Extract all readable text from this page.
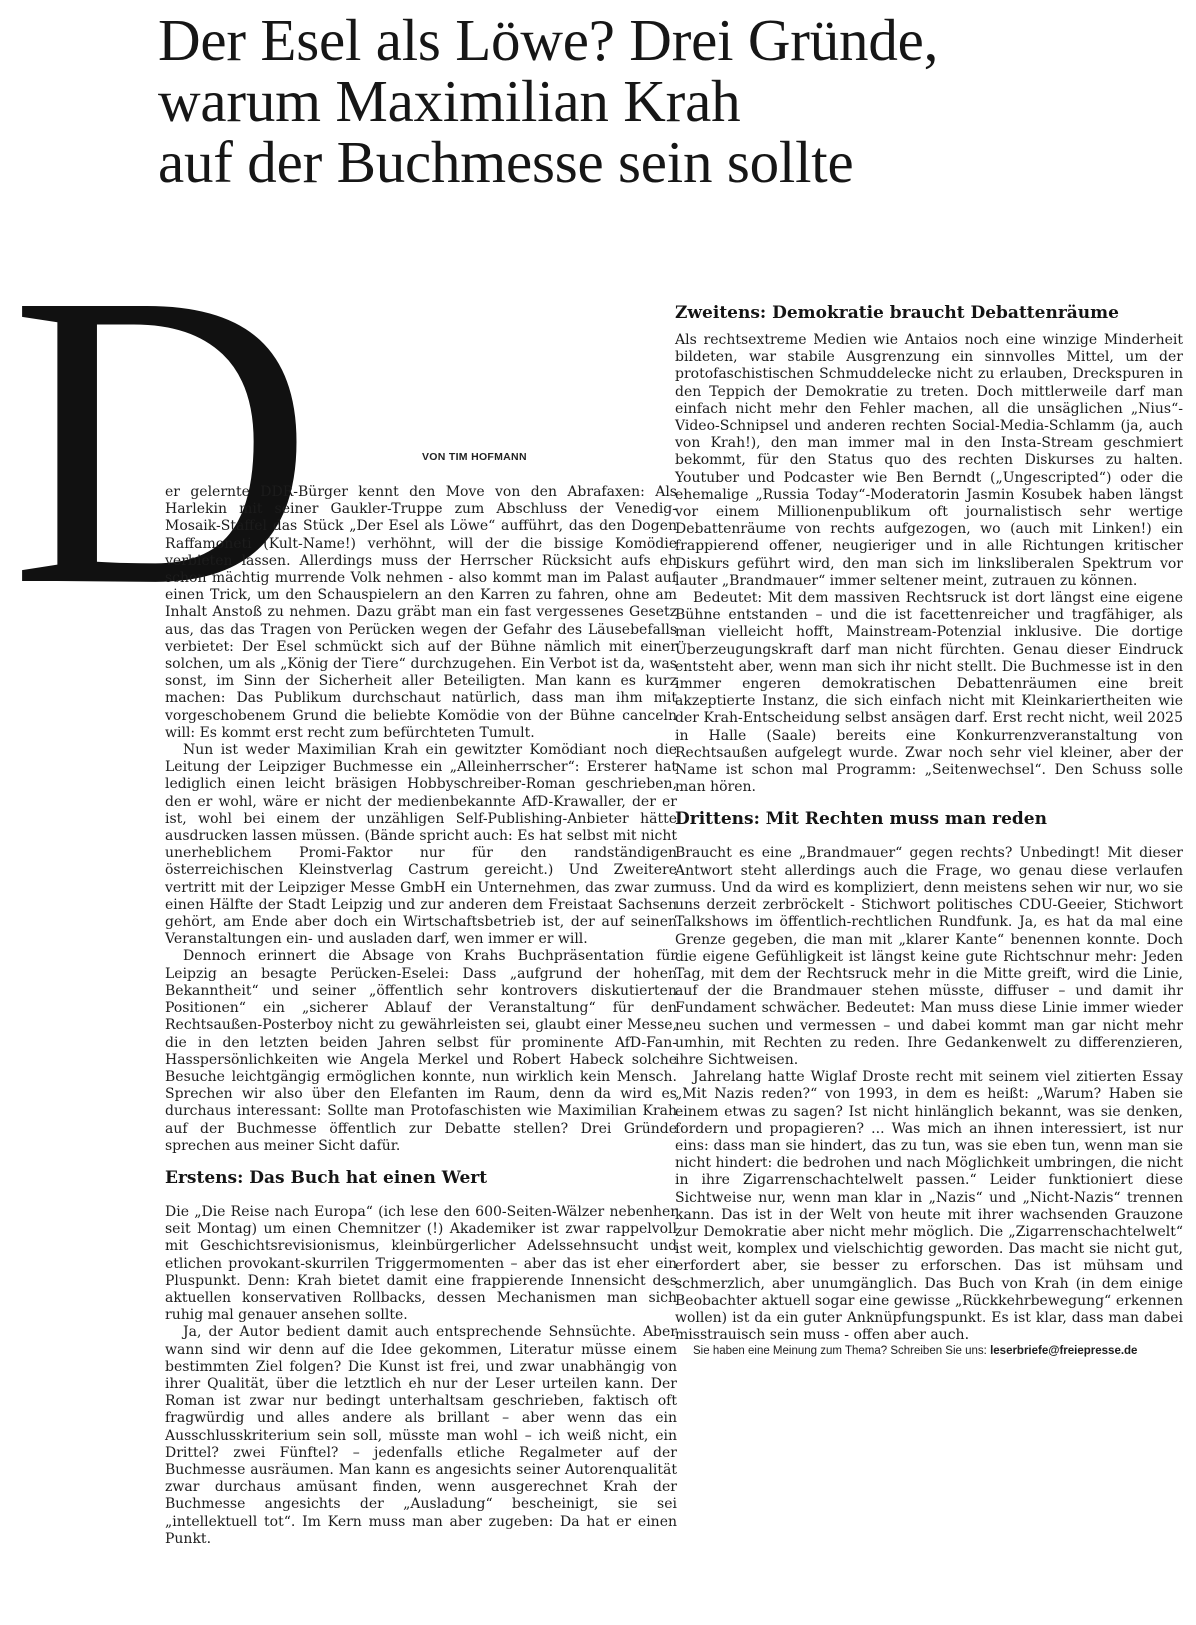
Der Esel als Löwe? Drei Gründe,
warum Maximilian Krah
auf der Buchmesse sein sollte
D	VON TIM HOFMANN

er gelernte DDR-Bürger kennt den Move von den Abrafaxen: Als Harlekin mit seiner Gaukler-Truppe zum Abschluss der Venedig-Mosaik-Staffel das Stück „Der Esel als Löwe“ aufführt, das den Dogen Raffamoneti (Kult-Name!) verhöhnt, will der die bissige Komödie verbieten lassen. Allerdings muss der Herrscher Rücksicht aufs eh schon mächtig murrende Volk nehmen - also kommt man im Palast auf einen Trick, um den Schauspielern an den Karren zu fahren, ohne am Inhalt Anstoß zu nehmen. Dazu gräbt man ein fast vergessenes Gesetz aus, das das Tragen von Perücken wegen der Gefahr des Läusebefalls verbietet: Der Esel schmückt sich auf der Bühne nämlich mit einer solchen, um als „König der Tiere“ durchzugehen. Ein Verbot ist da, was sonst, im Sinn der Sicherheit aller Beteiligten. Man kann es kurz machen: Das Publikum durchschaut natürlich, dass man ihm mit vorgeschobenem Grund die beliebte Komödie von der Bühne canceln will: Es kommt erst recht zum befürchteten Tumult.

Nun ist weder Maximilian Krah ein gewitzter Komödiant noch die Leitung der Leipziger Buchmesse ein „Alleinherrscher“: Ersterer hat lediglich einen leicht bräsigen Hobbyschreiber-Roman geschrieben, den er wohl, wäre er nicht der medienbekannte AfD-Krawaller, der er ist, wohl bei einem der unzähligen Self-Publishing-Anbieter hätte ausdrucken lassen müssen. (Bände spricht auch: Es hat selbst mit nicht unerheblichem Promi-Faktor nur für den randständigen österreichischen Kleinstverlag Castrum gereicht.) Und Zweitere vertritt mit der Leipziger Messe GmbH ein Unternehmen, das zwar zur einen Hälfte der Stadt Leipzig und zur anderen dem Freistaat Sachsen gehört, am Ende aber doch ein Wirtschaftsbetrieb ist, der auf seinen Veranstaltungen ein- und ausladen darf, wen immer er will.

Dennoch erinnert die Absage von Krahs Buchpräsentation für Leipzig an besagte Perücken-Eselei: Dass „aufgrund der hohen Bekanntheit“ und seiner „öffentlich sehr kontrovers diskutierten Positionen“ ein „sicherer Ablauf der Veranstaltung“ für den Rechtsaußen-Posterboy nicht zu gewährleisten sei, glaubt einer Messe, die in den letzten beiden Jahren selbst für prominente AfD-Fan-Hasspersönlichkeiten wie Angela Merkel und Robert Habeck solche Besuche leichtgängig ermöglichen konnte, nun wirklich kein Mensch. Sprechen wir also über den Elefanten im Raum, denn da wird es durchaus interessant: Sollte man Protofaschisten wie Maximilian Krah auf der Buchmesse öffentlich zur Debatte stellen? Drei Gründe sprechen aus meiner Sicht dafür.

Erstens: Das Buch hat einen Wert

Die „Die Reise nach Europa“ (ich lese den 600-Seiten-Wälzer nebenher seit Montag) um einen Chemnitzer (!) Akademiker ist zwar rappelvoll mit Geschichtsrevisionismus, kleinbürgerlicher Adelssehnsucht und etlichen provokant-skurrilen Triggermomenten – aber das ist eher ein Pluspunkt. Denn: Krah bietet damit eine frappierende Innensicht des aktuellen konservativen Rollbacks, dessen Mechanismen man sich ruhig mal genauer ansehen sollte.

Ja, der Autor bedient damit auch entsprechende Sehnsüchte. Aber wann sind wir denn auf die Idee gekommen, Literatur müsse einem bestimmten Ziel folgen? Die Kunst ist frei, und zwar unabhängig von ihrer Qualität, über die letztlich eh nur der Leser urteilen kann. Der Roman ist zwar nur bedingt unterhaltsam geschrieben, faktisch oft fragwürdig und alles andere als brillant – aber wenn das ein Ausschlusskriterium sein soll, müsste man wohl – ich weiß nicht, ein Drittel? zwei Fünftel? – jedenfalls etliche Regalmeter auf der Buchmesse ausräumen. Man kann es angesichts seiner Autorenqualität zwar durchaus amüsant finden, wenn ausgerechnet Krah der Buchmesse angesichts der „Ausladung“ bescheinigt, sie sei „intellektuell tot“. Im Kern muss man aber zugeben: Da hat er einen Punkt.

Zweitens: Demokratie braucht Debattenräume

Als rechtsextreme Medien wie Antaios noch eine winzige Minderheit bildeten, war stabile Ausgrenzung ein sinnvolles Mittel, um der protofaschistischen Schmuddelecke nicht zu erlauben, Dreckspuren in den Teppich der Demokratie zu treten. Doch mittlerweile darf man einfach nicht mehr den Fehler machen, all die unsäglichen „Nius“-Video-Schnipsel und anderen rechten Social-Media-Schlamm (ja, auch von Krah!), den man immer mal in den Insta-Stream geschmiert bekommt, für den Status quo des rechten Diskurses zu halten. Youtuber und Podcaster wie Ben Berndt („Ungescripted“) oder die ehemalige „Russia Today“-Moderatorin Jasmin Kosubek haben längst vor einem Millionenpublikum oft journalistisch sehr wertige Debattenräume von rechts aufgezogen, wo (auch mit Linken!) ein frappierend offener, neugieriger und in alle Richtungen kritischer Diskurs geführt wird, den man sich im linksliberalen Spektrum vor lauter „Brandmauer“ immer seltener meint, zutrauen zu können.

Bedeutet: Mit dem massiven Rechtsruck ist dort längst eine eigene Bühne entstanden – und die ist facettenreicher und tragfähiger, als man vielleicht hofft, Mainstream-Potenzial inklusive. Die dortige Überzeugungskraft darf man nicht fürchten. Genau dieser Eindruck entsteht aber, wenn man sich ihr nicht stellt. Die Buchmesse ist in den immer engeren demokratischen Debattenräumen eine breit akzeptierte Instanz, die sich einfach nicht mit Kleinkariertheiten wie der Krah-Entscheidung selbst ansägen darf. Erst recht nicht, weil 2025 in Halle (Saale) bereits eine Konkurrenzveranstaltung von Rechtsaußen aufgelegt wurde. Zwar noch sehr viel kleiner, aber der Name ist schon mal Programm: „Seitenwechsel“. Den Schuss solle man hören.

Drittens: Mit Rechten muss man reden

Braucht es eine „Brandmauer“ gegen rechts? Unbedingt! Mit dieser Antwort steht allerdings auch die Frage, wo genau diese verlaufen muss. Und da wird es kompliziert, denn meistens sehen wir nur, wo sie uns derzeit zerbröckelt - Stichwort politisches CDU-Geeier, Stichwort Talkshows im öffentlich-rechtlichen Rundfunk. Ja, es hat da mal eine Grenze gegeben, die man mit „klarer Kante“ benennen konnte. Doch die eigene Gefühligkeit ist längst keine gute Richtschnur mehr: Jeden Tag, mit dem der Rechtsruck mehr in die Mitte greift, wird die Linie, auf der die Brandmauer stehen müsste, diffuser – und damit ihr Fundament schwächer. Bedeutet: Man muss diese Linie immer wieder neu suchen und vermessen – und dabei kommt man gar nicht mehr umhin, mit Rechten zu reden. Ihre Gedankenwelt zu differenzieren, ihre Sichtweisen.

Jahrelang hatte Wiglaf Droste recht mit seinem viel zitierten Essay „Mit Nazis reden?“ von 1993, in dem es heißt: „Warum? Haben sie einem etwas zu sagen? Ist nicht hinlänglich bekannt, was sie denken, fordern und propagieren? ... Was mich an ihnen interessiert, ist nur eins: dass man sie hindert, das zu tun, was sie eben tun, wenn man sie nicht hindert: die bedrohen und nach Möglichkeit umbringen, die nicht in ihre Zigarrenschachtelwelt passen.“ Leider funktioniert diese Sichtweise nur, wenn man klar in „Nazis“ und „Nicht-Nazis“ trennen kann. Das ist in der Welt von heute mit ihrer wachsenden Grauzone zur Demokratie aber nicht mehr möglich. Die „Zigarrenschachtelwelt“ ist weit, komplex und vielschichtig geworden. Das macht sie nicht gut, erfordert aber, sie besser zu erforschen. Das ist mühsam und schmerzlich, aber unumgänglich. Das Buch von Krah (in dem einige Beobachter aktuell sogar eine gewisse „Rückkehrbewegung“ erkennen wollen) ist da ein guter Anknüpfungspunkt. Es ist klar, dass man dabei misstrauisch sein muss - offen aber auch.

Sie haben eine Meinung zum Thema? Schreiben Sie uns: leserbriefe@freiepresse.de
